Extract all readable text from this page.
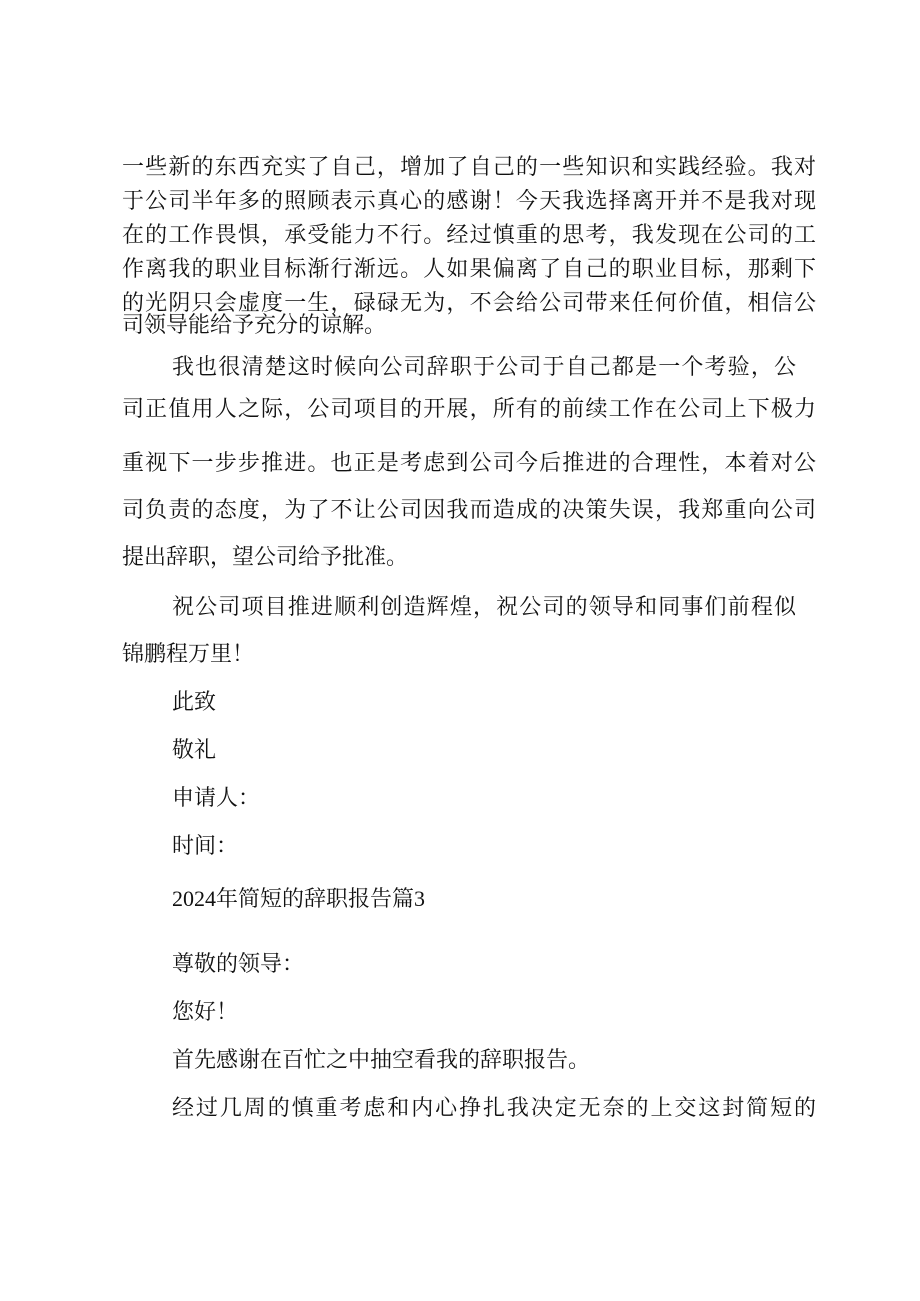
一些新的东西充实了自己，增加了自己的一些知识和实践经验。我对
于公司半年多的照顾表示真心的感谢！今天我选择离开并不是我对现
在的工作畏惧，承受能力不行。经过慎重的思考，我发现在公司的工
作离我的职业目标渐行渐远。人如果偏离了自己的职业目标，那剩下
的光阴只会虚度一生，碌碌无为，不会给公司带来任何价值，相信公
司领导能给予充分的谅解。
我也很清楚这时候向公司辞职于公司于自己都是一个考验，公
司正值用人之际，公司项目的开展，所有的前续工作在公司上下极力
重视下一步步推进。也正是考虑到公司今后推进的合理性，本着对公
司负责的态度，为了不让公司因我而造成的决策失误，我郑重向公司
提出辞职，望公司给予批准。
祝公司项目推进顺利创造辉煌，祝公司的领导和同事们前程似
锦鹏程万里！
此致
敬礼
申请人：
时间：
2024年简短的辞职报告篇3
尊敬的领导：
您好！
首先感谢在百忙之中抽空看我的辞职报告。
经过几周的慎重考虑和内心挣扎我决定无奈的上交这封简短的
